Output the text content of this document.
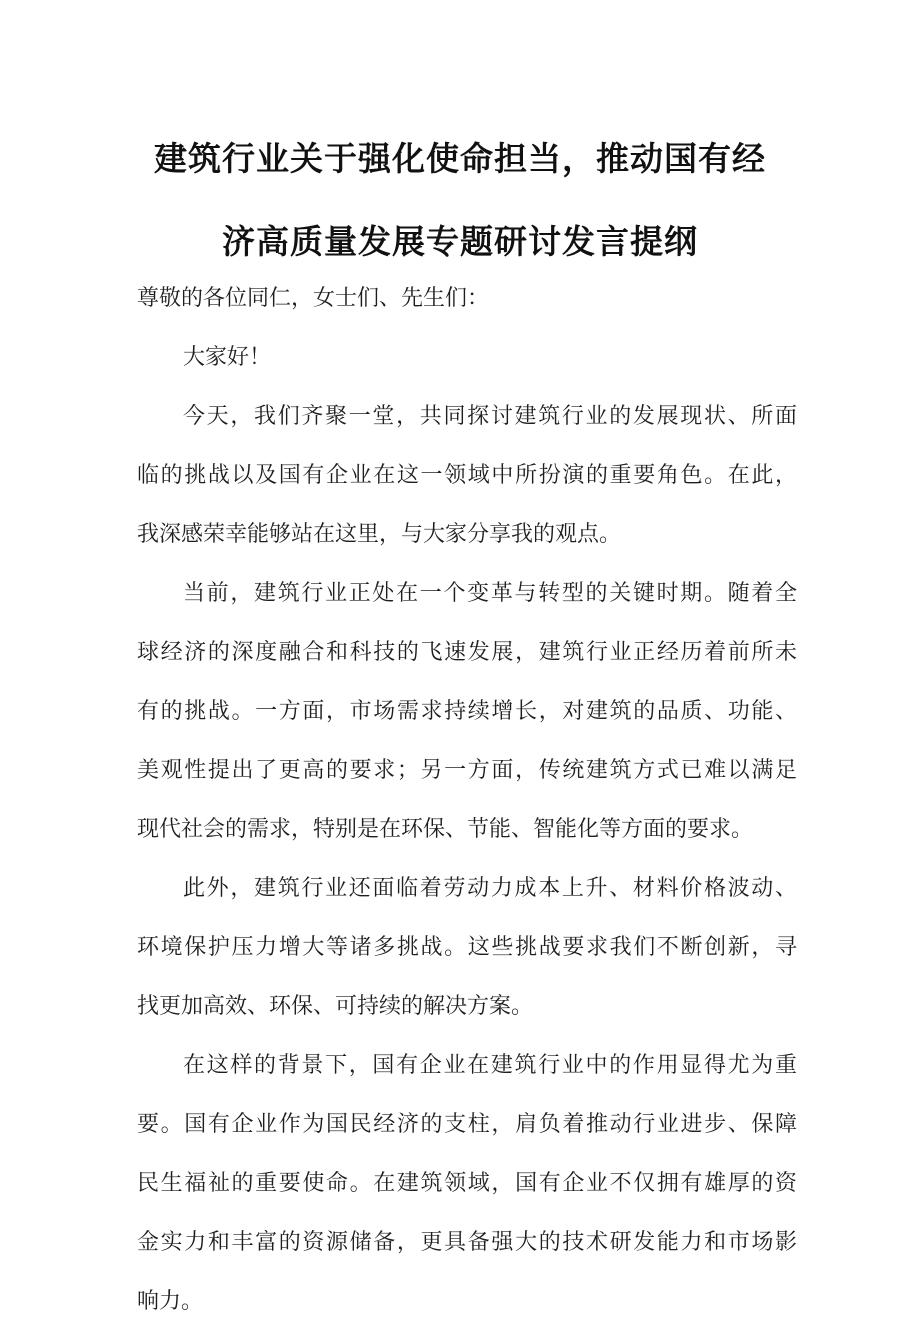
建筑行业关于强化使命担当，推动国有经
济高质量发展专题研讨发言提纲
尊敬的各位同仁，女士们、先生们：
大家好！
今天，我们齐聚一堂，共同探讨建筑行业的发展现状、所面
临的挑战以及国有企业在这一领域中所扮演的重要角色。在此，
我深感荣幸能够站在这里，与大家分享我的观点。
当前，建筑行业正处在一个变革与转型的关键时期。随着全
球经济的深度融合和科技的飞速发展，建筑行业正经历着前所未
有的挑战。一方面，市场需求持续增长，对建筑的品质、功能、
美观性提出了更高的要求；另一方面，传统建筑方式已难以满足
现代社会的需求，特别是在环保、节能、智能化等方面的要求。
此外，建筑行业还面临着劳动力成本上升、材料价格波动、
环境保护压力增大等诸多挑战。这些挑战要求我们不断创新，寻
找更加高效、环保、可持续的解决方案。
在这样的背景下，国有企业在建筑行业中的作用显得尤为重
要。国有企业作为国民经济的支柱，肩负着推动行业进步、保障
民生福祉的重要使命。在建筑领域，国有企业不仅拥有雄厚的资
金实力和丰富的资源储备，更具备强大的技术研发能力和市场影
响力。
